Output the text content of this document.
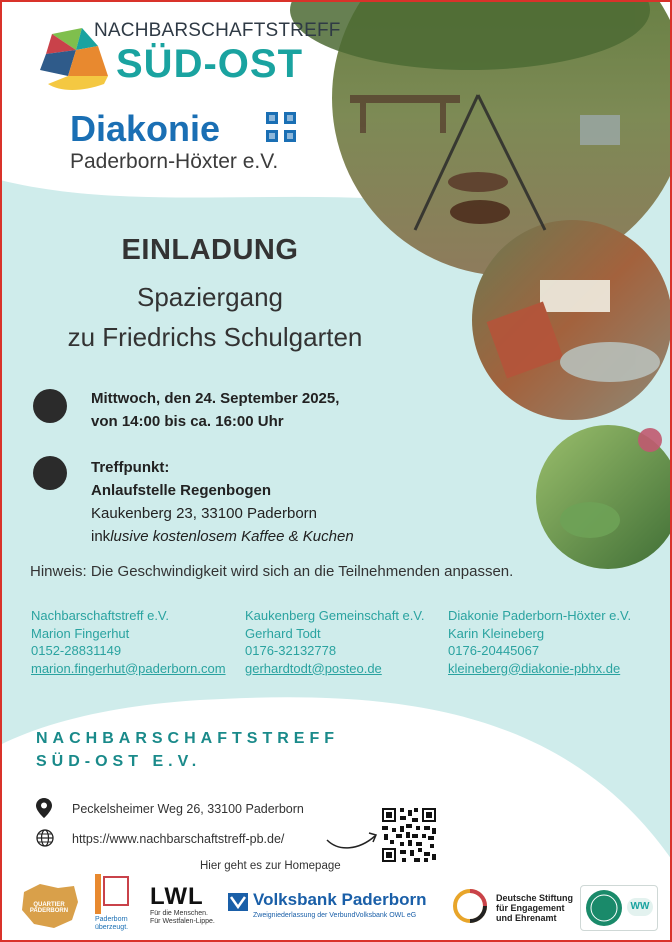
NACHBARSCHAFTSTREFF
SÜD-OST
Diakonie
Paderborn-Höxter e.V.
EINLADUNG
Spaziergang
zu Friedrichs Schulgarten
Mittwoch, den 24. September 2025,
von 14:00 bis ca. 16:00 Uhr
Treffpunkt:
Anlaufstelle Regenbogen
Kaukenberg 23, 33100 Paderborn
inklusive kostenlosem Kaffee & Kuchen
Hinweis: Die Geschwindigkeit wird sich an die Teilnehmenden anpassen.
Nachbarschaftstreff e.V.
Marion Fingerhut
0152-28831149
marion.fingerhut@paderborn.com
Kaukenberg Gemeinschaft e.V.
Gerhard Todt
0176-32132778
gerhardtodt@posteo.de
Diakonie Paderborn-Höxter e.V.
Karin Kleineberg
0176-20445067
kleineberg@diakonie-pbhx.de
NACHBARSCHAFTSTREFF
SÜD-OST E.V.
Peckelsheimer Weg 26, 33100 Paderborn
https://www.nachbarschaftstreff-pb.de/
Hier geht es zur Homepage
QUARTIER PADERBORN
Paderborn
überzeugt.
LWL
Für die Menschen.
Für Westfalen-Lippe.
Volksbank Paderborn
Zweigniederlassung der VerbundVolksbank OWL eG
Deutsche Stiftung
für Engagement
und Ehrenamt
WW
